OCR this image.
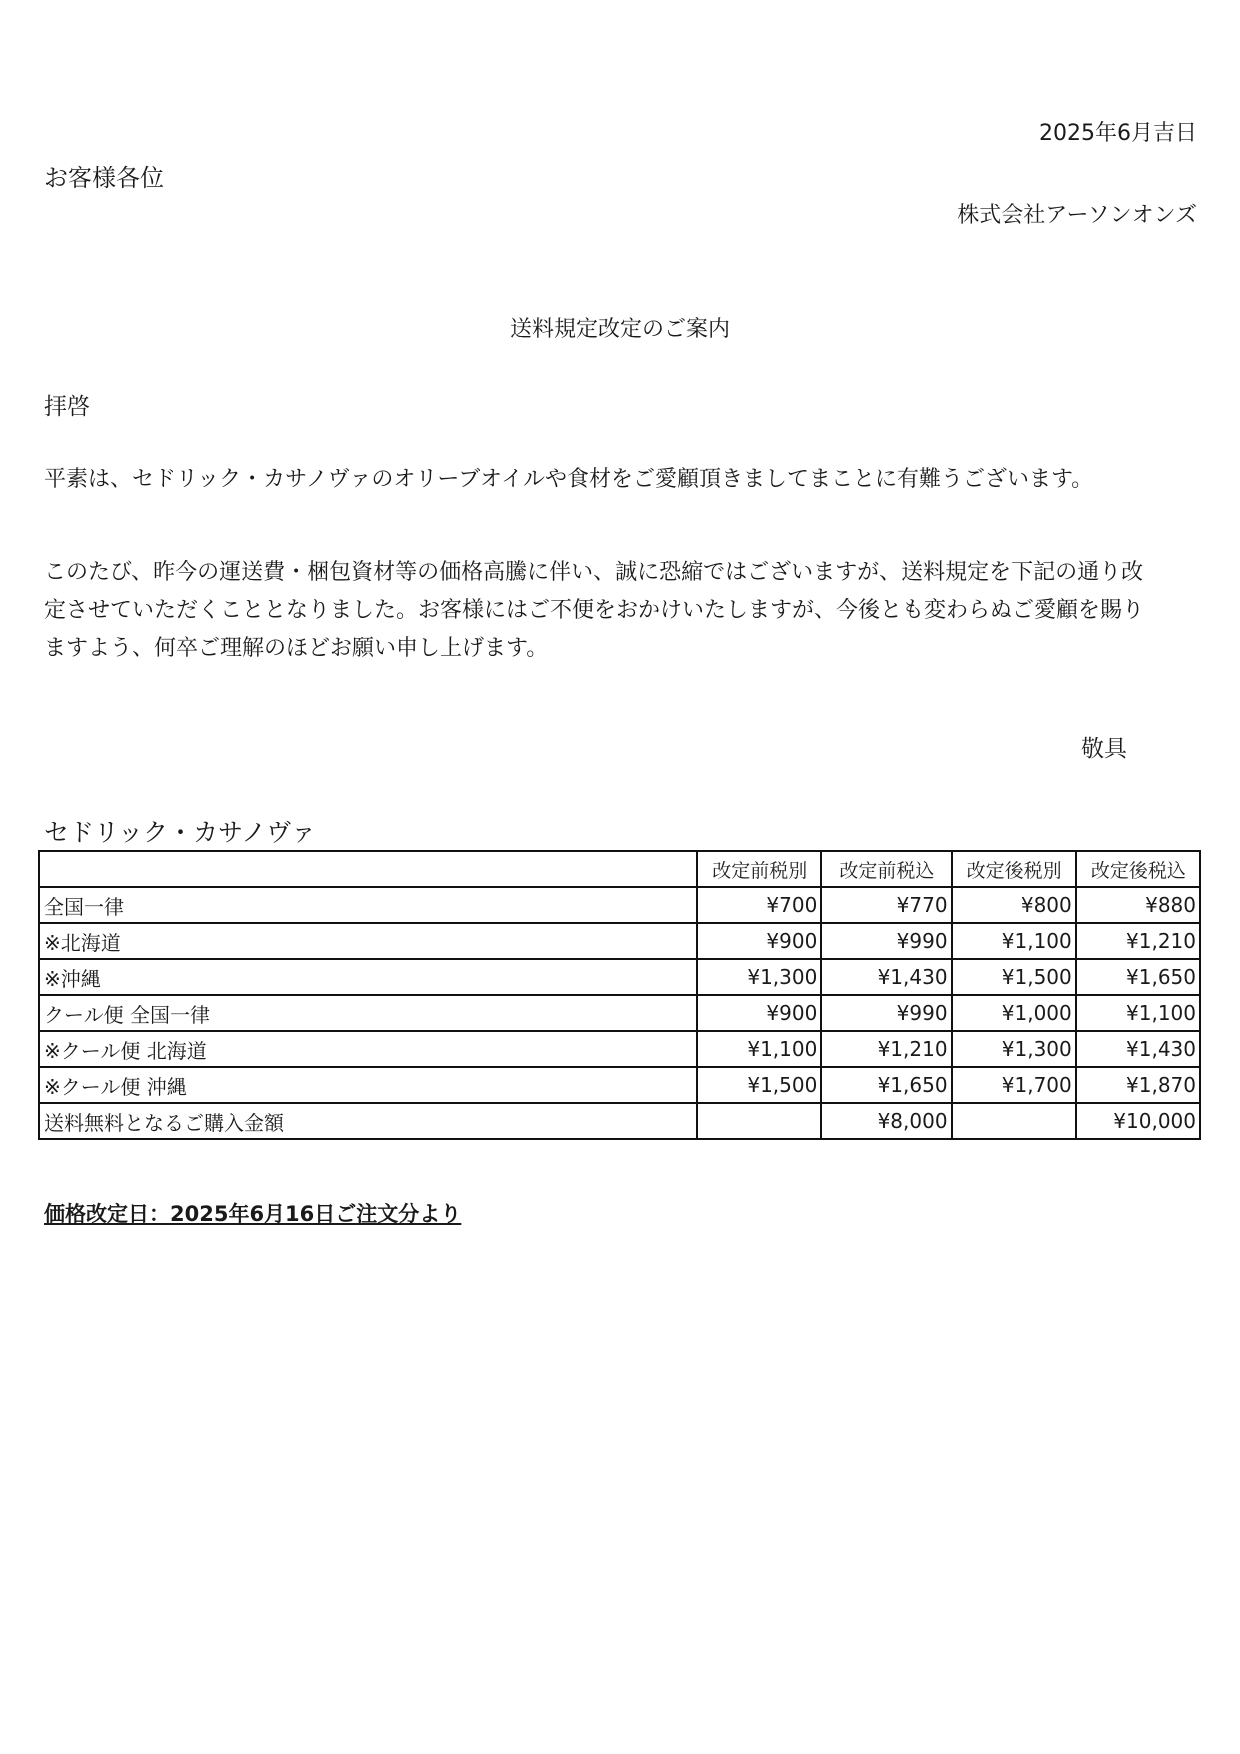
2025年6月吉日
お客様各位
株式会社アーソンオンズ
送料規定改定のご案内
拝啓
平素は、セドリック・カサノヴァのオリーブオイルや食材をご愛顧頂きましてまことに有難うございます。
このたび、昨今の運送費・梱包資材等の価格高騰に伴い、誠に恐縮ではございますが、送料規定を下記の通り改
定させていただくこととなりました。お客様にはご不便をおかけいたしますが、今後とも変わらぬご愛顧を賜り
ますよう、何卒ご理解のほどお願い申し上げます。
敬具
セドリック・カサノヴァ
	改定前税別	改定前税込	改定後税別	改定後税込
全国一律	¥700	¥770	¥800	¥880
※北海道	¥900	¥990	¥1,100	¥1,210
※沖縄	¥1,300	¥1,430	¥1,500	¥1,650
クール便 全国一律	¥900	¥990	¥1,000	¥1,100
※クール便 北海道	¥1,100	¥1,210	¥1,300	¥1,430
※クール便 沖縄	¥1,500	¥1,650	¥1,700	¥1,870
送料無料となるご購入金額		¥8,000		¥10,000
価格改定日：2025年6月16日ご注文分より
